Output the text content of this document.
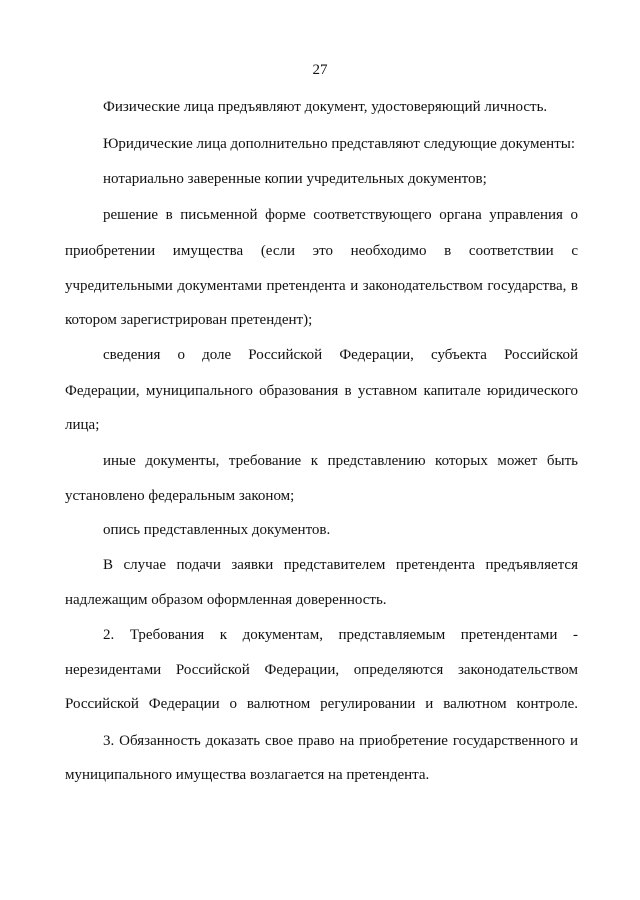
27
Физические лица предъявляют документ, удостоверяющий личность.
Юридические лица дополнительно представляют следующие документы:
нотариально заверенные копии учредительных документов;
решение в письменной форме соответствующего органа управления о
приобретении имущества (если это необходимо в соответствии с
учредительными документами претендента и законодательством государства, в
котором зарегистрирован претендент);
сведения о доле Российской Федерации, субъекта Российской
Федерации, муниципального образования в уставном капитале юридического
лица;
иные документы, требование к представлению которых может быть
установлено федеральным законом;
опись представленных документов.
В случае подачи заявки представителем претендента предъявляется
надлежащим образом оформленная доверенность.
2. Требования к документам, представляемым претендентами -
нерезидентами Российской Федерации, определяются законодательством
Российской Федерации о валютном регулировании и валютном контроле.
3. Обязанность доказать свое право на приобретение государственного и
муниципального имущества возлагается на претендента.
